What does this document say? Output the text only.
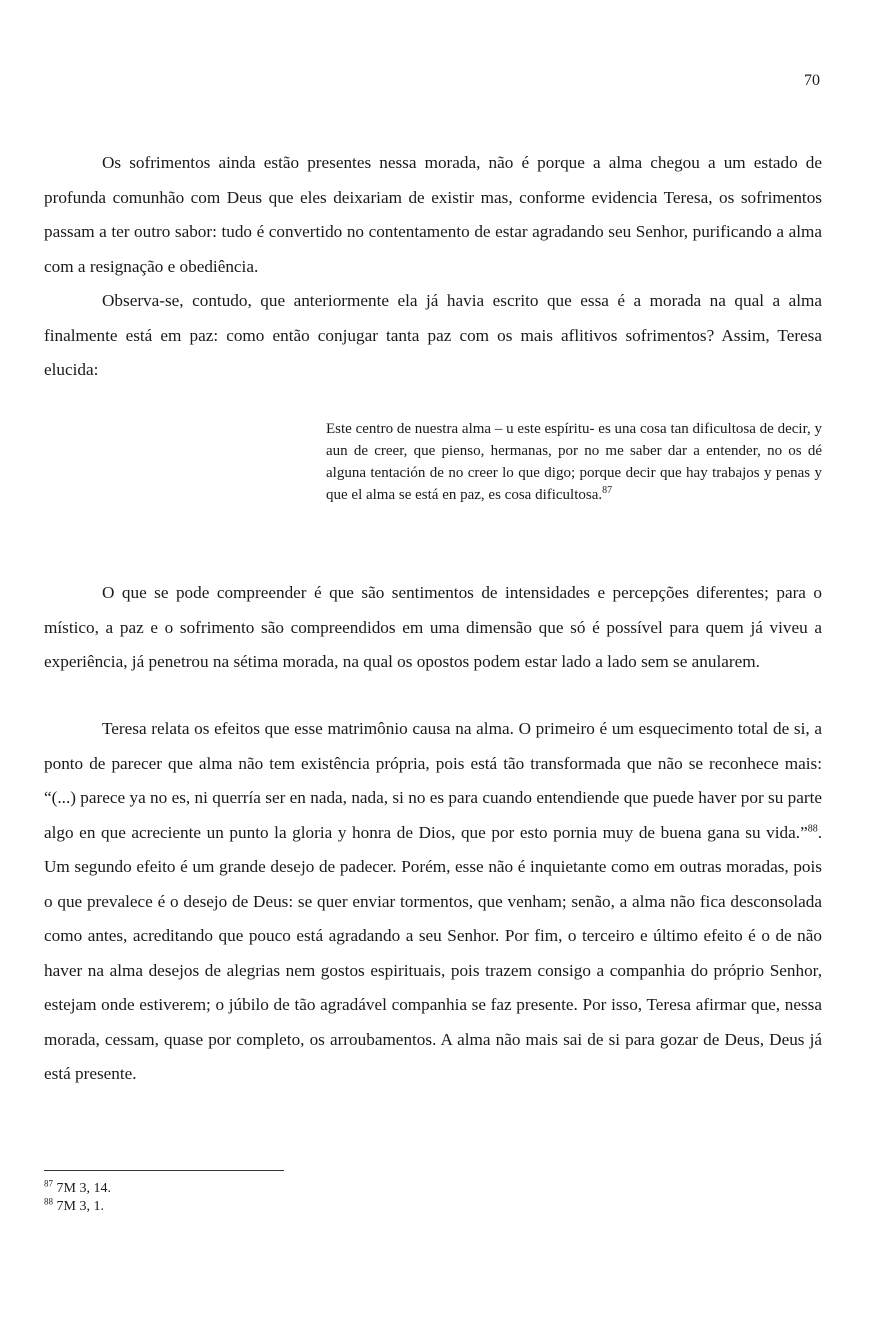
70

Os sofrimentos ainda estão presentes nessa morada, não é porque a alma chegou a um estado de profunda comunhão com Deus que eles deixariam de existir mas, conforme evidencia Teresa, os sofrimentos passam a ter outro sabor: tudo é convertido no contentamento de estar agradando seu Senhor, purificando a alma com a resignação e obediência.

Observa-se, contudo, que anteriormente ela já havia escrito que essa é a morada na qual a alma finalmente está em paz: como então conjugar tanta paz com os mais aflitivos sofrimentos? Assim, Teresa elucida:

Este centro de nuestra alma – u este espíritu- es una cosa tan dificultosa de decir, y aun de creer, que pienso, hermanas, por no me saber dar a entender, no os dé alguna tentación de no creer lo que digo; porque decir que hay trabajos y penas y que el alma se está en paz, es cosa dificultosa.$^{87}$

O que se pode compreender é que são sentimentos de intensidades e percepções diferentes; para o místico, a paz e o sofrimento são compreendidos em uma dimensão que só é possível para quem já viveu a experiência, já penetrou na sétima morada, na qual os opostos podem estar lado a lado sem se anularem.

Teresa relata os efeitos que esse matrimônio causa na alma. O primeiro é um esquecimento total de si, a ponto de parecer que alma não tem existência própria, pois está tão transformada que não se reconhece mais: “(...) parece ya no es, ni querría ser en nada, nada, si no es para cuando entendiende que puede haver por su parte algo en que acreciente un punto la gloria y honra de Dios, que por esto pornia muy de buena gana su vida.”$^{88}$. Um segundo efeito é um grande desejo de padecer. Porém, esse não é inquietante como em outras moradas, pois o que prevalece é o desejo de Deus: se quer enviar tormentos, que venham; senão, a alma não fica desconsolada como antes, acreditando que pouco está agradando a seu Senhor. Por fim, o terceiro e último efeito é o de não haver na alma desejos de alegrias nem gostos espirituais, pois trazem consigo a companhia do próprio Senhor, estejam onde estiverem; o júbilo de tão agradável companhia se faz presente. Por isso, Teresa afirmar que, nessa morada, cessam, quase por completo, os arroubamentos. A alma não mais sai de si para gozar de Deus, Deus já está presente.

$^{87}$ 7M 3, 14.
$^{88}$ 7M 3, 1.
